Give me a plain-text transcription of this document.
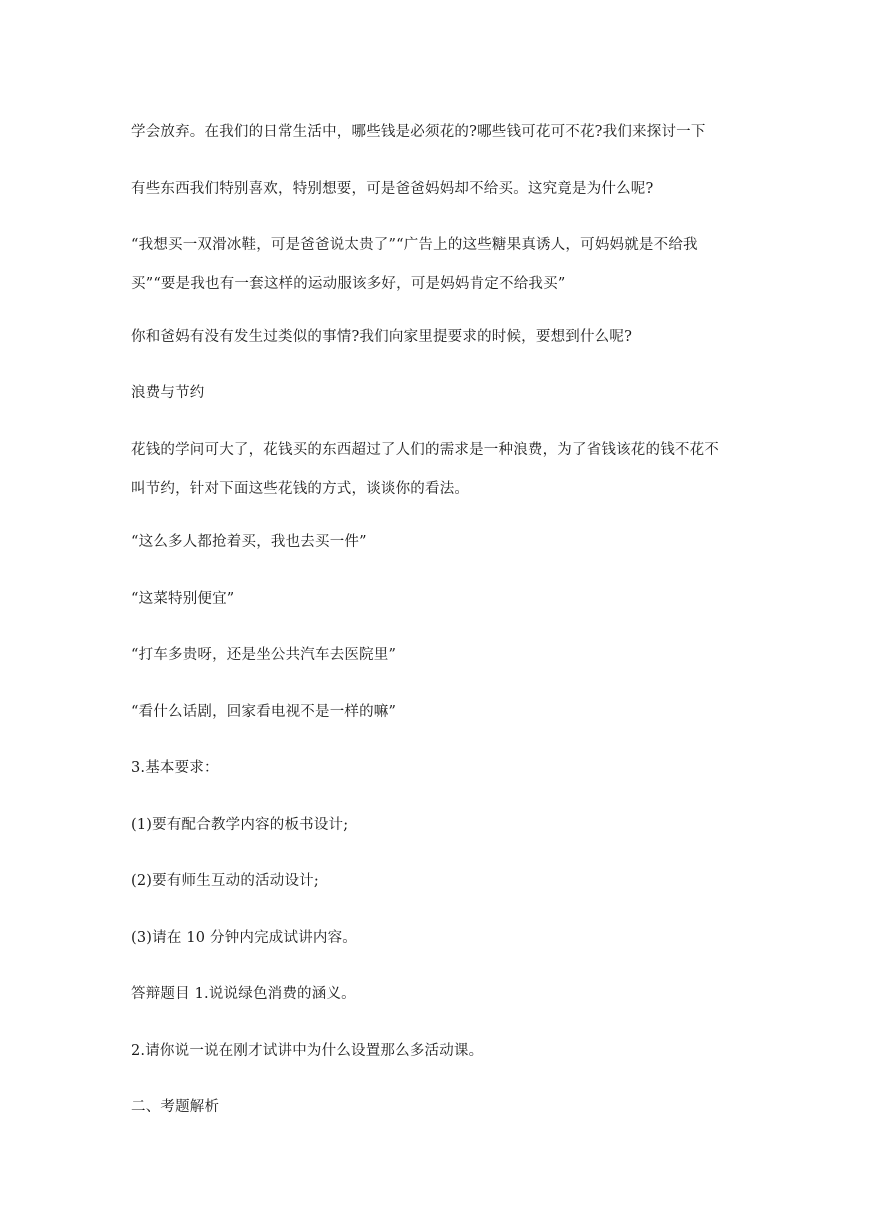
学会放弃。在我们的日常生活中，哪些钱是必须花的?哪些钱可花可不花?我们来探讨一下
有些东西我们特别喜欢，特别想要，可是爸爸妈妈却不给买。这究竟是为什么呢?
“我想买一双滑冰鞋，可是爸爸说太贵了”“广告上的这些糖果真诱人，可妈妈就是不给我
买”“要是我也有一套这样的运动服该多好，可是妈妈肯定不给我买”
你和爸妈有没有发生过类似的事情?我们向家里提要求的时候，要想到什么呢?
浪费与节约
花钱的学问可大了，花钱买的东西超过了人们的需求是一种浪费，为了省钱该花的钱不花不
叫节约，针对下面这些花钱的方式，谈谈你的看法。
“这么多人都抢着买，我也去买一件”
“这菜特别便宜”
“打车多贵呀，还是坐公共汽车去医院里”
“看什么话剧，回家看电视不是一样的嘛”
3.基本要求：
(1)要有配合教学内容的板书设计;
(2)要有师生互动的活动设计;
(3)请在 10 分钟内完成试讲内容。
答辩题目 1.说说绿色消费的涵义。
2.请你说一说在刚才试讲中为什么设置那么多活动课。
二、考题解析
